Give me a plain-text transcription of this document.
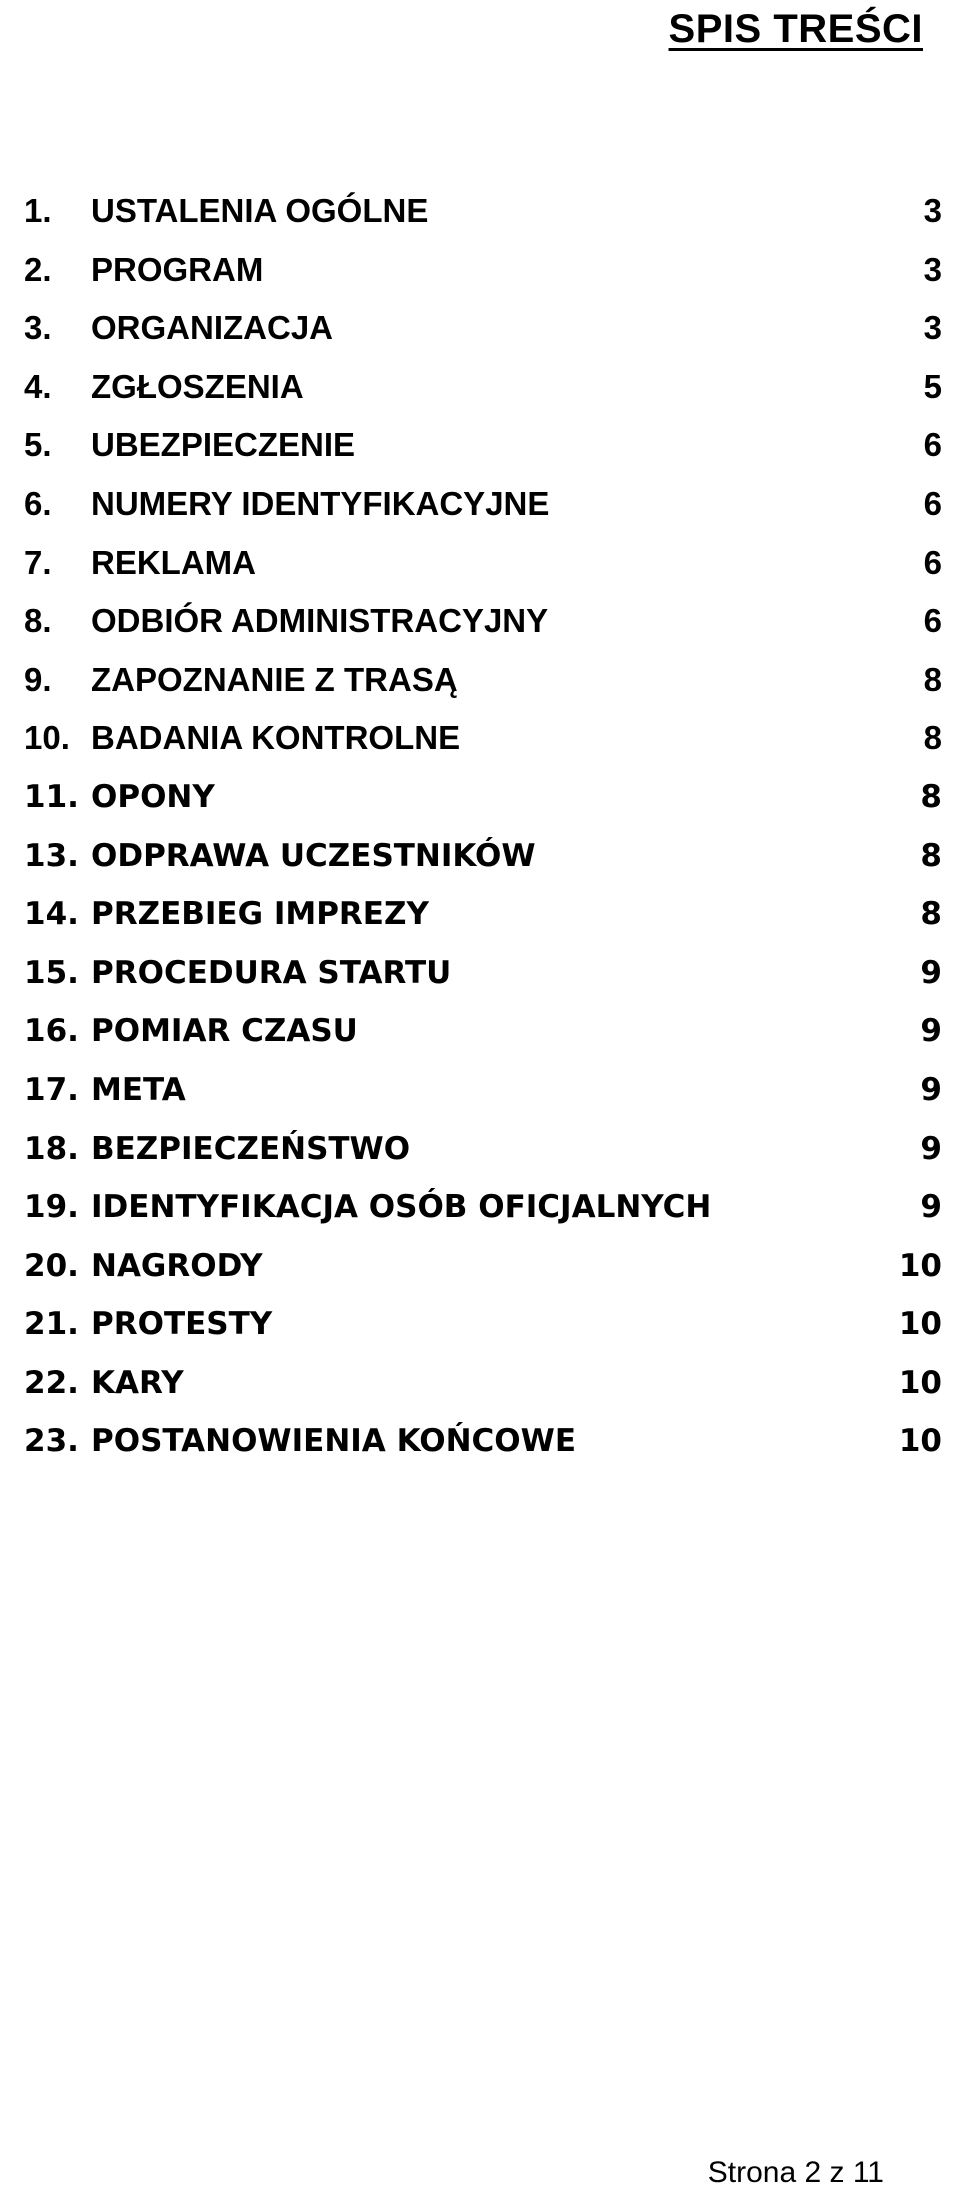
SPIS TREŚCI
1. USTALENIA OGÓLNE	3
2. PROGRAM	3
3. ORGANIZACJA	3
4. ZGŁOSZENIA	5
5. UBEZPIECZENIE	6
6. NUMERY IDENTYFIKACYJNE	6
7. REKLAMA	6
8. ODBIÓR ADMINISTRACYJNY	6
9. ZAPOZNANIE Z TRASĄ	8
10. BADANIA KONTROLNE	8
11. OPONY	8
13. ODPRAWA UCZESTNIKÓW	8
14. PRZEBIEG IMPREZY	8
15. PROCEDURA STARTU	9
16. POMIAR CZASU	9
17. META	9
18. BEZPIECZEŃSTWO	9
19. IDENTYFIKACJA OSÓB OFICJALNYCH	9
20. NAGRODY	10
21. PROTESTY	10
22. KARY	10
23. POSTANOWIENIA KOŃCOWE	10
Strona 2 z 11
